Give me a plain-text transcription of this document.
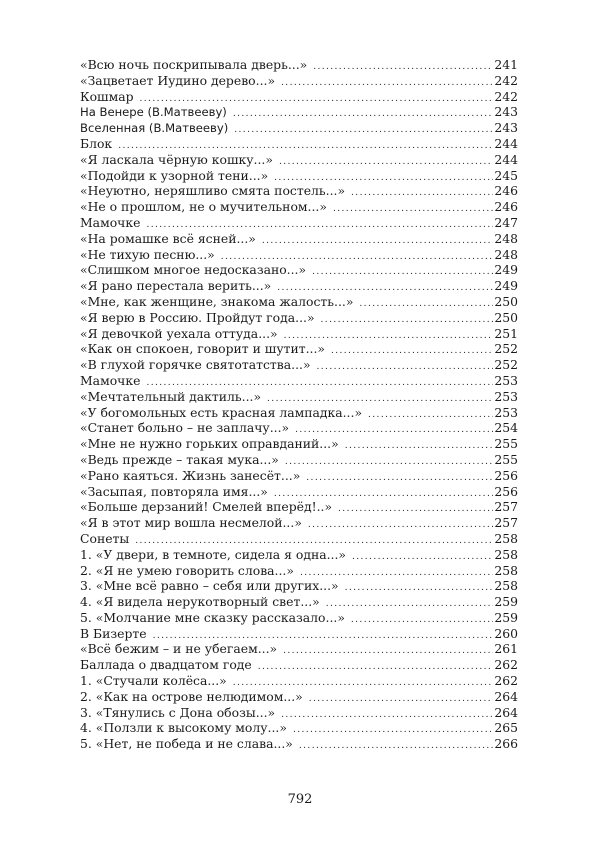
«Всю ночь поскрипывала дверь...» .....	241
«Зацветает Иудино дерево...» .....	242
Кошмар .....	242
На Венере (В.Матвееву) .....	243
Вселенная (В.Матвееву) .....	243
Блок .....	244
«Я ласкала чёрную кошку...» .....	244
«Подойди к узорной тени...» .....	245
«Неуютно, неряшливо смята постель...» .....	246
«Не о прошлом, не о мучительном...» .....	246
Мамочке .....	247
«На ромашке всё ясней...» .....	248
«Не тихую песню...» .....	248
«Слишком многое недосказано...» .....	249
«Я рано перестала верить...» .....	249
«Мне, как женщине, знакома жалость...» .....	250
«Я верю в Россию. Пройдут года...» .....	250
«Я девочкой уехала оттуда...» .....	251
«Как он спокоен, говорит и шутит...» .....	252
«В глухой горячке святотатства...» .....	252
Мамочке .....	253
«Мечтательный дактиль...» .....	253
«У богомольных есть красная лампадка...» .....	253
«Станет больно – не заплачу...» .....	254
«Мне не нужно горьких оправданий...» .....	255
«Ведь прежде – такая мука...» .....	255
«Рано каяться. Жизнь занесёт...» .....	256
«Засыпая, повторяла имя...» .....	256
«Больше дерзаний! Смелей вперёд!..» .....	257
«Я в этот мир вошла несмелой...» .....	257
Сонеты .....	258
1. «У двери, в темноте, сидела я одна...» .....	258
2. «Я не умею говорить слова...» .....	258
3. «Мне всё равно – себя или других...» .....	258
4. «Я видела нерукотворный свет...» .....	259
5. «Молчание мне сказку рассказало...» .....	259
В Бизерте .....	260
«Всё бежим – и не убегаем...» .....	261
Баллада о двадцатом годе .....	262
1. «Стучали колёса...» .....	262
2. «Как на острове нелюдимом...» .....	264
3. «Тянулись с Дона обозы...» .....	264
4. «Ползли к высокому молу...» .....	265
5. «Нет, не победа и не слава...» .....	266
792
